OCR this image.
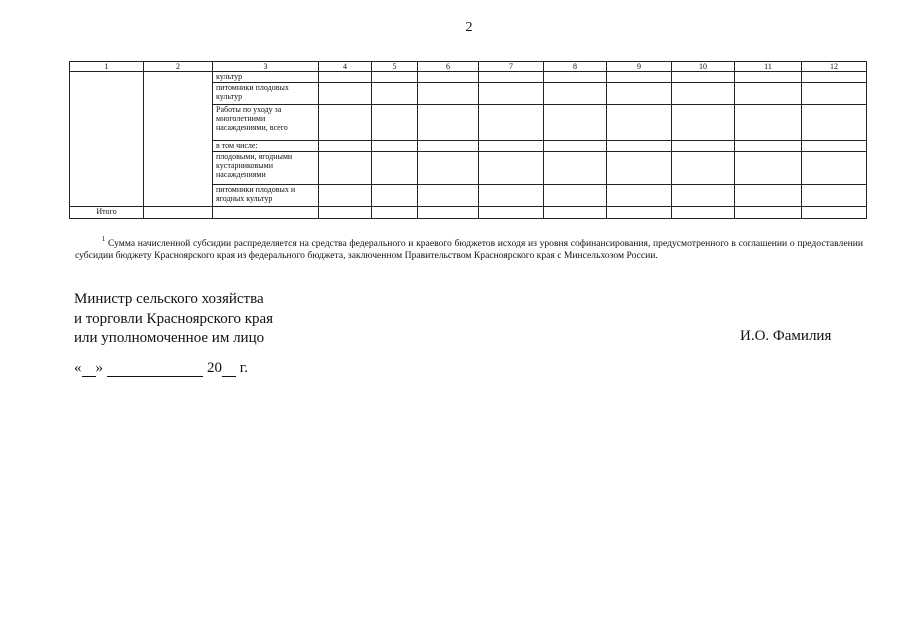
2
1	2	3	4	5	6	7	8	9	10	11	12
		культур									
		питомники плодовых культур									
		Работы по уходу за многолетними насаждениями, всего									
		в том числе:									
		плодовыми, ягодными кустарниковыми насаждениями									
		питомники плодовых и ягодных культур									
Итого											
$^1$ Сумма начисленной субсидии распределяется на средства федерального и краевого бюджетов исходя из уровня софинансирования, предусмотренного в соглашении о предоставлении субсидии бюджету Красноярского края из федерального бюджета, заключенном Правительством Красноярского края с Минсельхозом России.
Министр сельского хозяйства
и торговли Красноярского края
или уполномоченное им лицо	И.О. Фамилия
« »	20 г.
